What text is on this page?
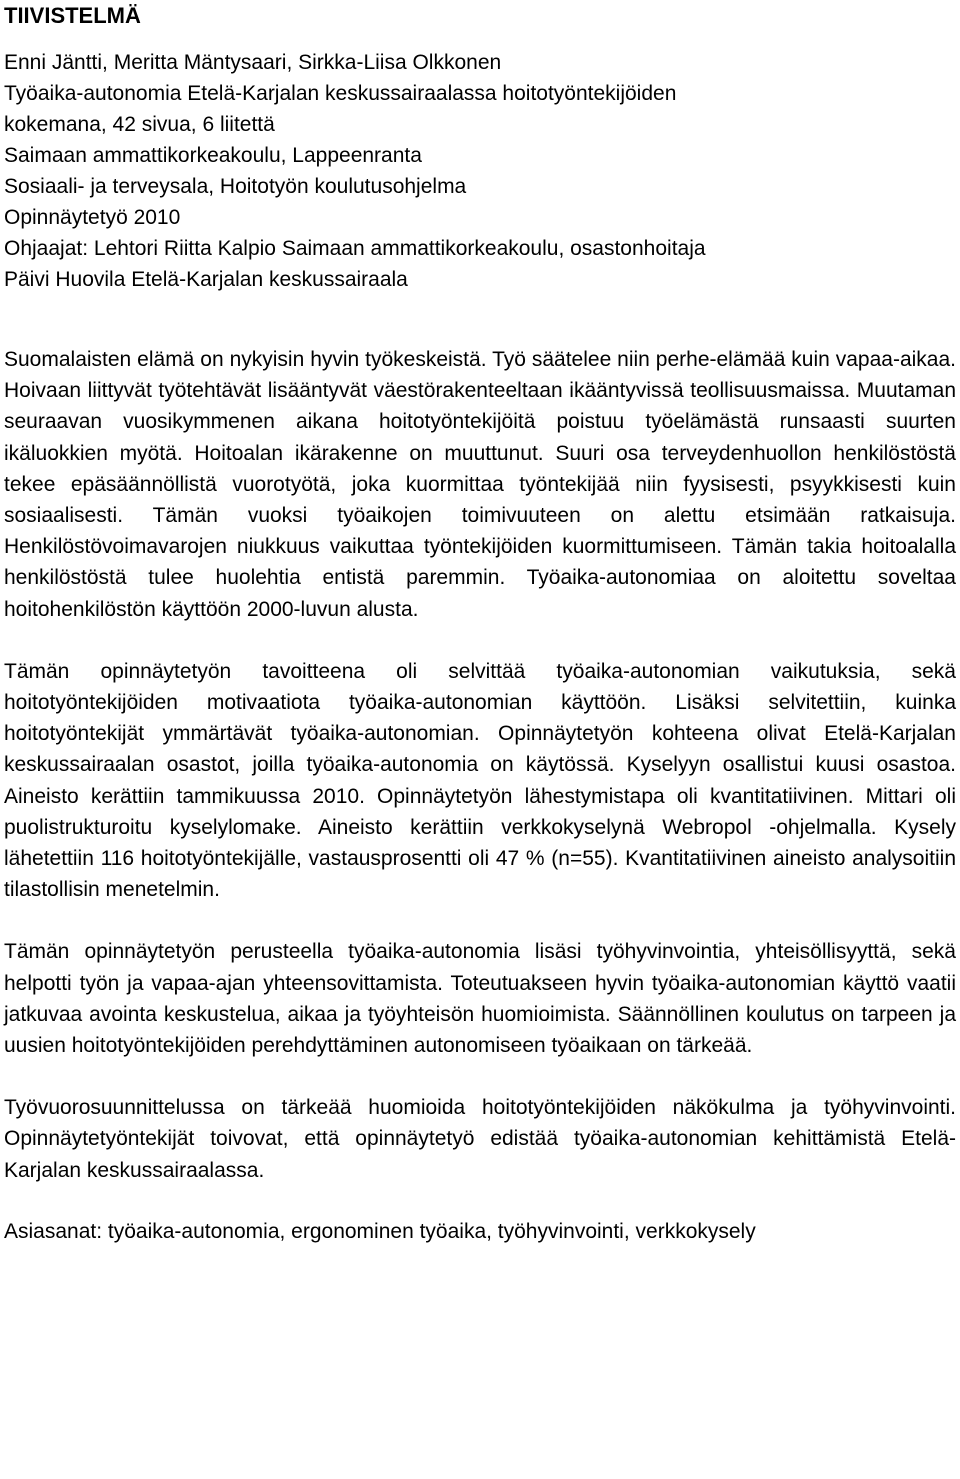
TIIVISTELMÄ
Enni Jäntti, Meritta Mäntysaari, Sirkka-Liisa Olkkonen
Työaika-autonomia Etelä-Karjalan keskussairaalassa hoitotyöntekijöiden
kokemana, 42 sivua, 6 liitettä
Saimaan ammattikorkeakoulu, Lappeenranta
Sosiaali- ja terveysala, Hoitotyön koulutusohjelma
Opinnäytetyö 2010
Ohjaajat: Lehtori Riitta Kalpio Saimaan ammattikorkeakoulu, osastonhoitaja
Päivi Huovila Etelä-Karjalan keskussairaala

Suomalaisten elämä on nykyisin hyvin työkeskeistä. Työ säätelee niin perhe-elämää kuin vapaa-aikaa. Hoivaan liittyvät työtehtävät lisääntyvät väestörakenteeltaan ikääntyvissä teollisuusmaissa. Muutaman seuraavan vuosikymmenen aikana hoitotyöntekijöitä poistuu työelämästä runsaasti suurten ikäluokkien myötä. Hoitoalan ikärakenne on muuttunut. Suuri osa terveydenhuollon henkilöstöstä tekee epäsäännöllistä vuorotyötä, joka kuormittaa työntekijää niin fyysisesti, psyykkisesti kuin sosiaalisesti. Tämän vuoksi työaikojen toimivuuteen on alettu etsimään ratkaisuja. Henkilöstövoimavarojen niukkuus vaikuttaa työntekijöiden kuormittumiseen. Tämän takia hoitoalalla henkilöstöstä tulee huolehtia entistä paremmin. Työaika-autonomiaa on aloitettu soveltaa hoitohenkilöstön käyttöön 2000-luvun alusta.

Tämän opinnäytetyön tavoitteena oli selvittää työaika-autonomian vaikutuksia, sekä hoitotyöntekijöiden motivaatiota työaika-autonomian käyttöön. Lisäksi selvitettiin, kuinka hoitotyöntekijät ymmärtävät työaika-autonomian. Opinnäytetyön kohteena olivat Etelä-Karjalan keskussairaalan osastot, joilla työaika-autonomia on käytössä. Kyselyyn osallistui kuusi osastoa. Aineisto kerättiin tammikuussa 2010. Opinnäytetyön lähestymistapa oli kvantitatiivinen. Mittari oli puolistrukturoitu kyselylomake. Aineisto kerättiin verkkokyselynä Webropol -ohjelmalla. Kysely lähetettiin 116 hoitotyöntekijälle, vastausprosentti oli 47 % (n=55). Kvantitatiivinen aineisto analysoitiin tilastollisin menetelmin.

Tämän opinnäytetyön perusteella työaika-autonomia lisäsi työhyvinvointia, yhteisöllisyyttä, sekä helpotti työn ja vapaa-ajan yhteensovittamista. Toteutuakseen hyvin työaika-autonomian käyttö vaatii jatkuvaa avointa keskustelua, aikaa ja työyhteisön huomioimista. Säännöllinen koulutus on tarpeen ja uusien hoitotyöntekijöiden perehdyttäminen autonomiseen työaikaan on tärkeää.

Työvuorosuunnittelussa on tärkeää huomioida hoitotyöntekijöiden näkökulma ja työhyvinvointi. Opinnäytetyöntekijät toivovat, että opinnäytetyö edistää työaika-autonomian kehittämistä Etelä-Karjalan keskussairaalassa.

Asiasanat: työaika-autonomia, ergonominen työaika, työhyvinvointi, verkkokysely
